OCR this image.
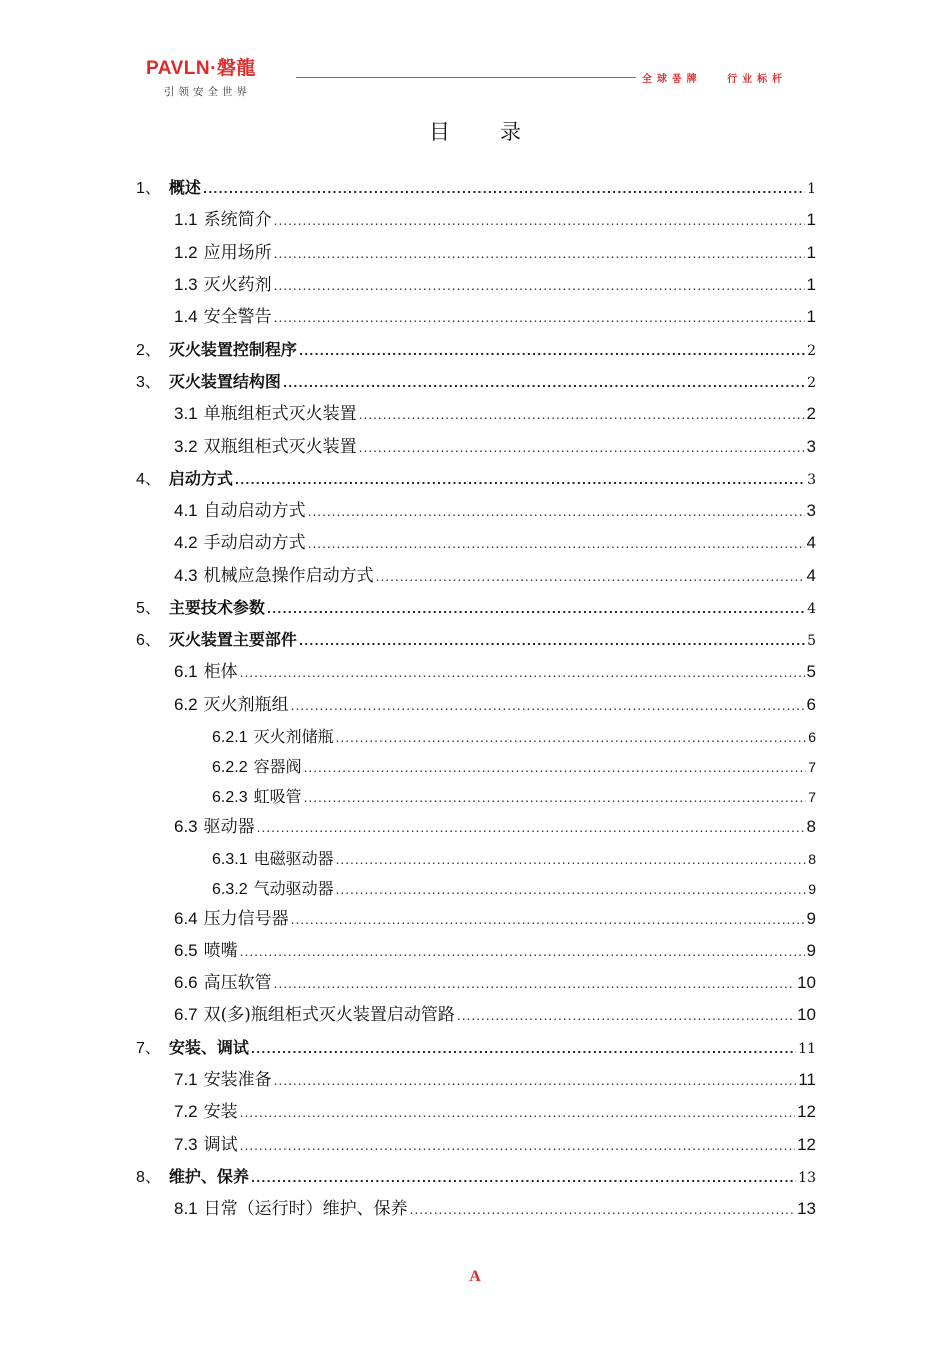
PAVLN·磐龍
引领安全世界
全球품牌   行业标杆
目录
1、 概述 .....	1
1.1 系统简介 .....	1
1.2 应用场所 .....	1
1.3 灭火药剂 .....	1
1.4 安全警告 .....	1
2、 灭火装置控制程序 .....	2
3、 灭火装置结构图 .....	2
3.1 单瓶组柜式灭火装置 .....	2
3.2 双瓶组柜式灭火装置 .....	3
4、 启动方式 .....	3
4.1 自动启动方式 .....	3
4.2 手动启动方式 .....	4
4.3 机械应急操作启动方式 .....	4
5、 主要技术参数 .....	4
6、 灭火装置主要部件 .....	5
6.1 柜体 .....	5
6.2 灭火剂瓶组 .....	6
6.2.1 灭火剂储瓶 .....	6
6.2.2 容器阀 .....	7
6.2.3 虹吸管 .....	7
6.3 驱动器 .....	8
6.3.1 电磁驱动器 .....	8
6.3.2 气动驱动器 .....	9
6.4 压力信号器 .....	9
6.5 喷嘴 .....	9
6.6 高压软管 .....	10
6.7 双(多)瓶组柜式灭火装置启动管路 .....	10
7、 安装、调试 .....	11
7.1 安装准备 .....	11
7.2 安装 .....	12
7.3 调试 .....	12
8、 维护、保养 .....	13
8.1 日常（运行时）维护、保养 .....	13
A
